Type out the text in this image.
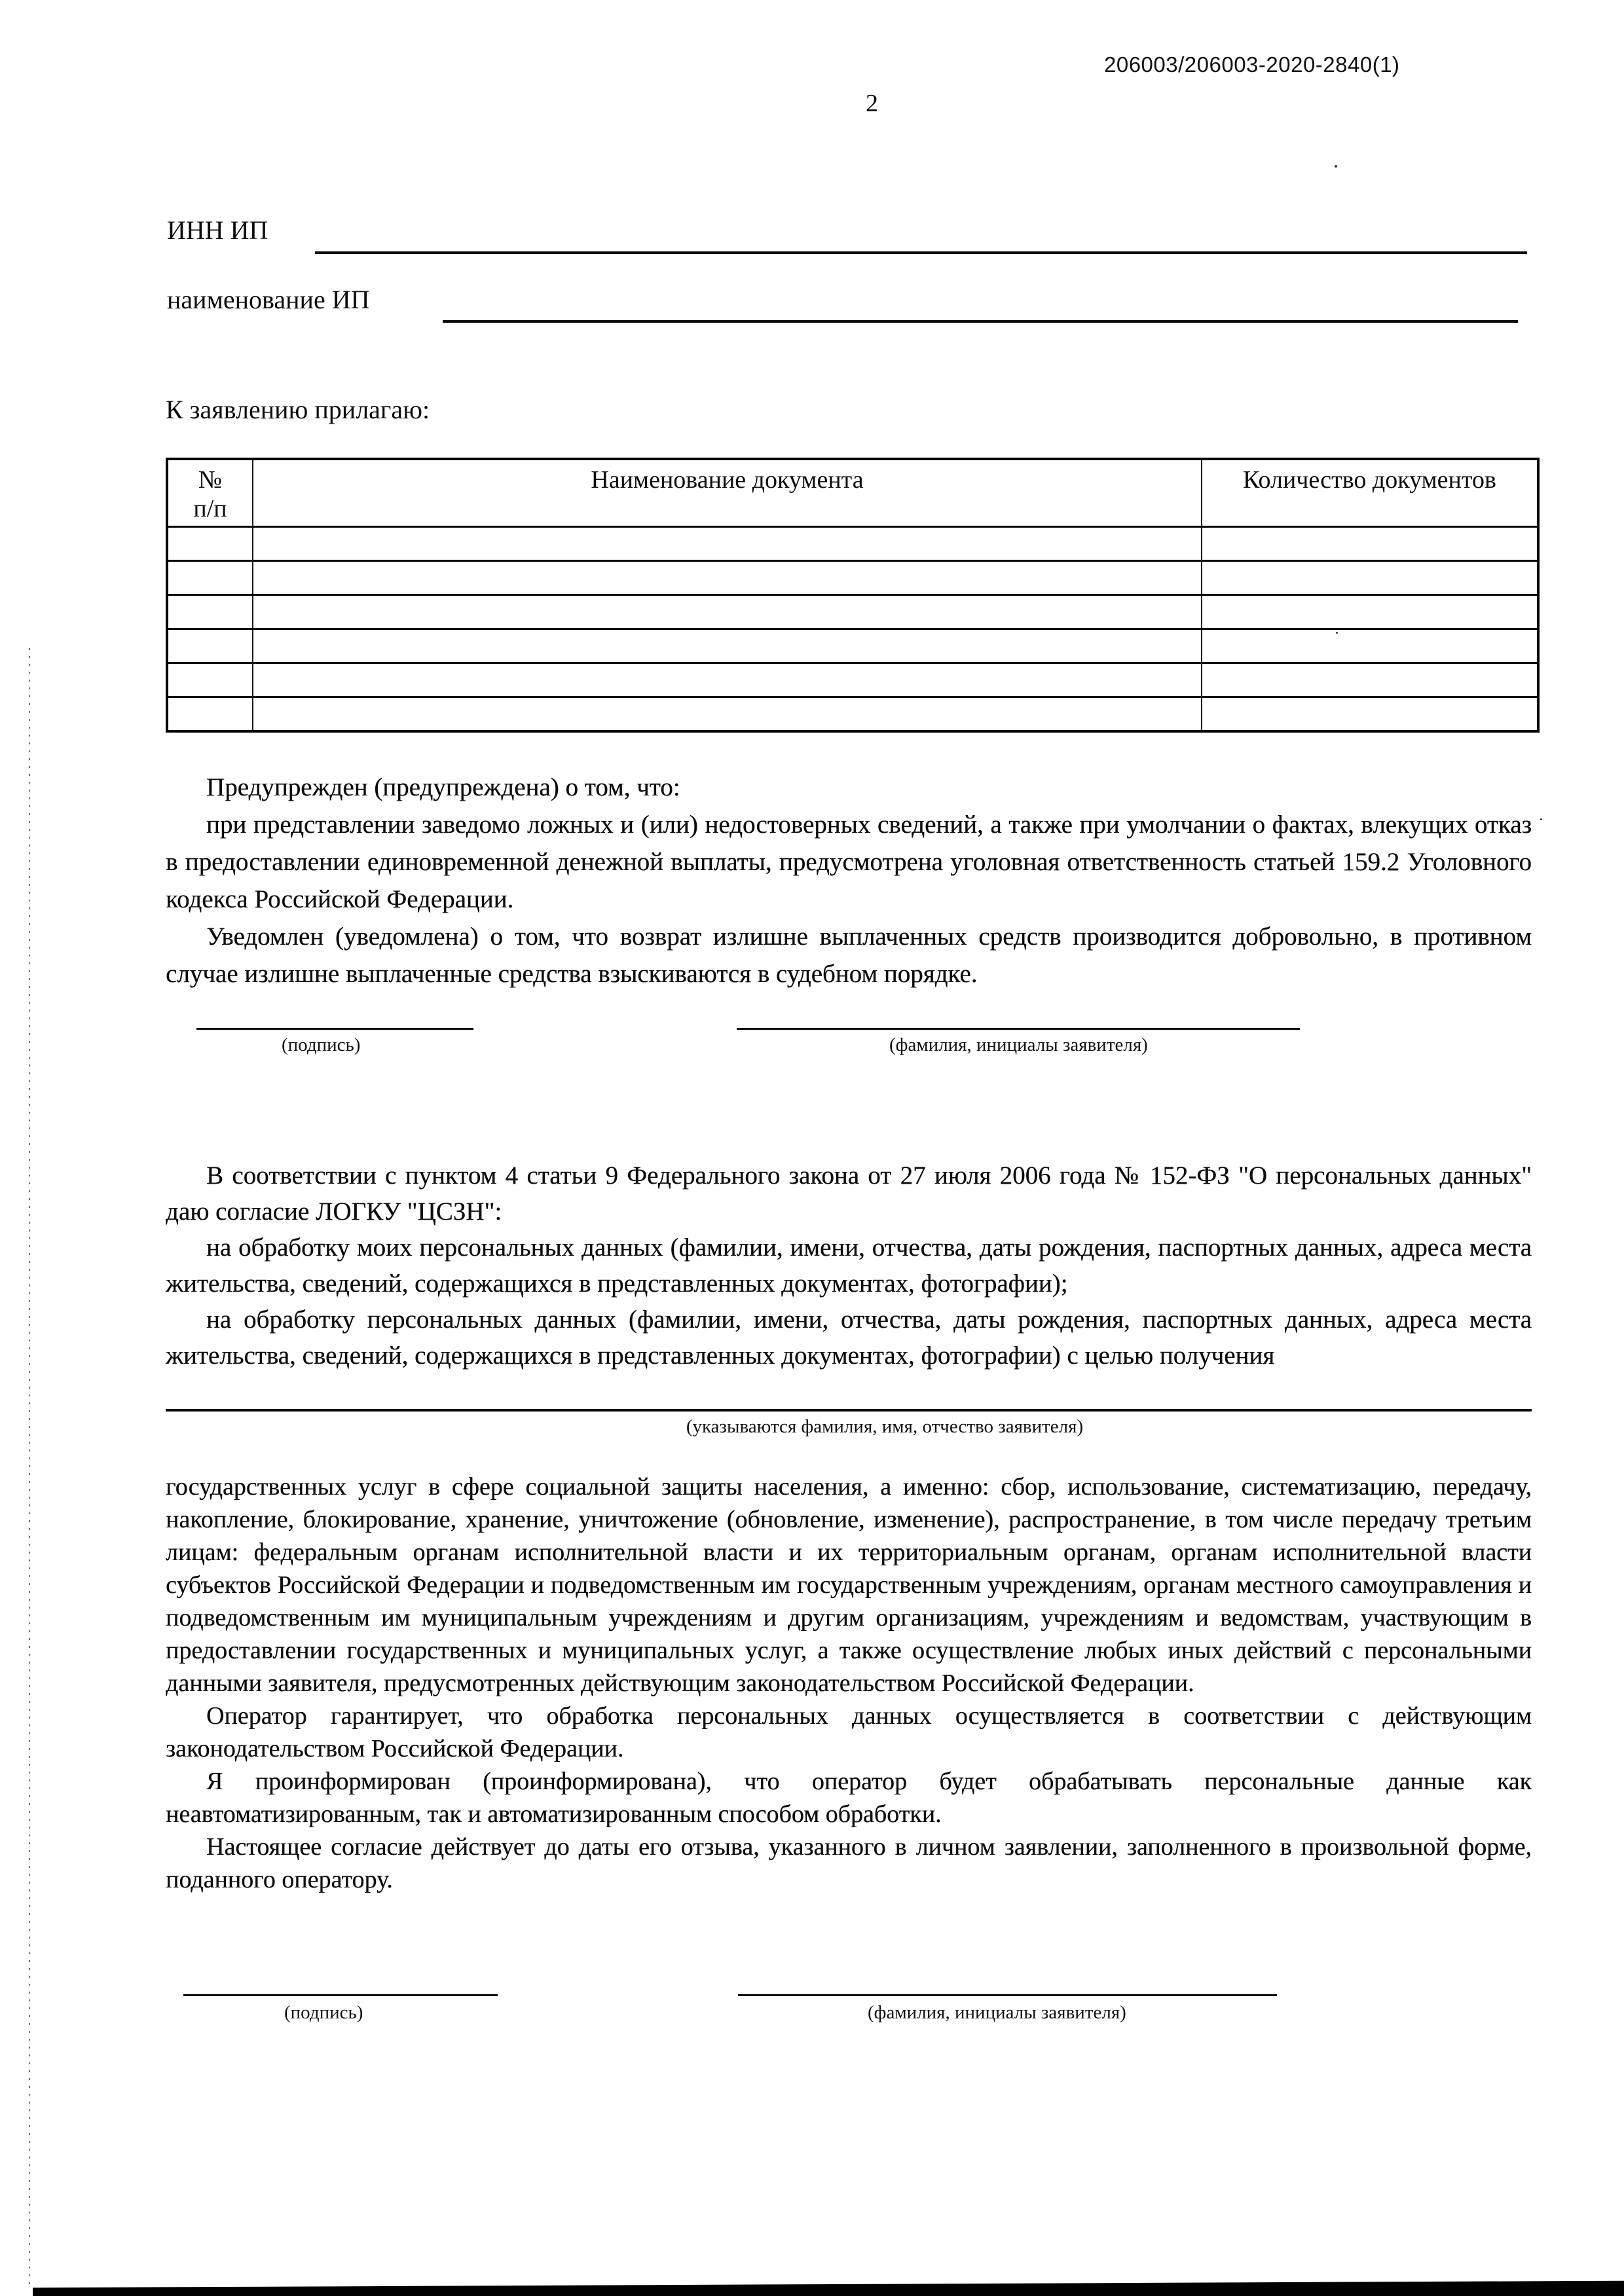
206003/206003-2020-2840(1)
2
ИНН ИП
наименование ИП
К заявлению прилагаю:
№
п/п	Наименование документа	Количество документов

Предупрежден (предупреждена) о том, что:

при представлении заведомо ложных и (или) недостоверных сведений, а также при умолчании о фактах, влекущих отказ в предоставлении единовременной денежной выплаты, предусмотрена уголовная ответственность статьей 159.2 Уголовного кодекса Российской Федерации.

Уведомлен (уведомлена) о том, что возврат излишне выплаченных средств производится добровольно, в противном случае излишне выплаченные средства взыскиваются в судебном порядке.

(подпись)	(фамилия, инициалы заявителя)

В соответствии с пунктом 4 статьи 9 Федерального закона от 27 июля 2006 года № 152-ФЗ "О персональных данных" даю согласие ЛОГКУ "ЦСЗН":

на обработку моих персональных данных (фамилии, имени, отчества, даты рождения, паспортных данных, адреса места жительства, сведений, содержащихся в представленных документах, фотографии);

на обработку персональных данных (фамилии, имени, отчества, даты рождения, паспортных данных, адреса места жительства, сведений, содержащихся в представленных документах, фотографии) с целью получения

(указываются фамилия, имя, отчество заявителя)

государственных услуг в сфере социальной защиты населения, а именно: сбор, использование, систематизацию, передачу, накопление, блокирование, хранение, уничтожение (обновление, изменение), распространение, в том числе передачу третьим лицам: федеральным органам исполнительной власти и их территориальным органам, органам исполнительной власти субъектов Российской Федерации и подведомственным им государственным учреждениям, органам местного самоуправления и подведомственным им муниципальным учреждениям и другим организациям, учреждениям и ведомствам, участвующим в предоставлении государственных и муниципальных услуг, а также осуществление любых иных действий с персональными данными заявителя, предусмотренных действующим законодательством Российской Федерации.

Оператор гарантирует, что обработка персональных данных осуществляется в соответствии с действующим законодательством Российской Федерации.

Я проинформирован (проинформирована), что оператор будет обрабатывать персональные данные как неавтоматизированным, так и автоматизированным способом обработки.

Настоящее согласие действует до даты его отзыва, указанного в личном заявлении, заполненного в произвольной форме, поданного оператору.

(подпись)	(фамилия, инициалы заявителя)
